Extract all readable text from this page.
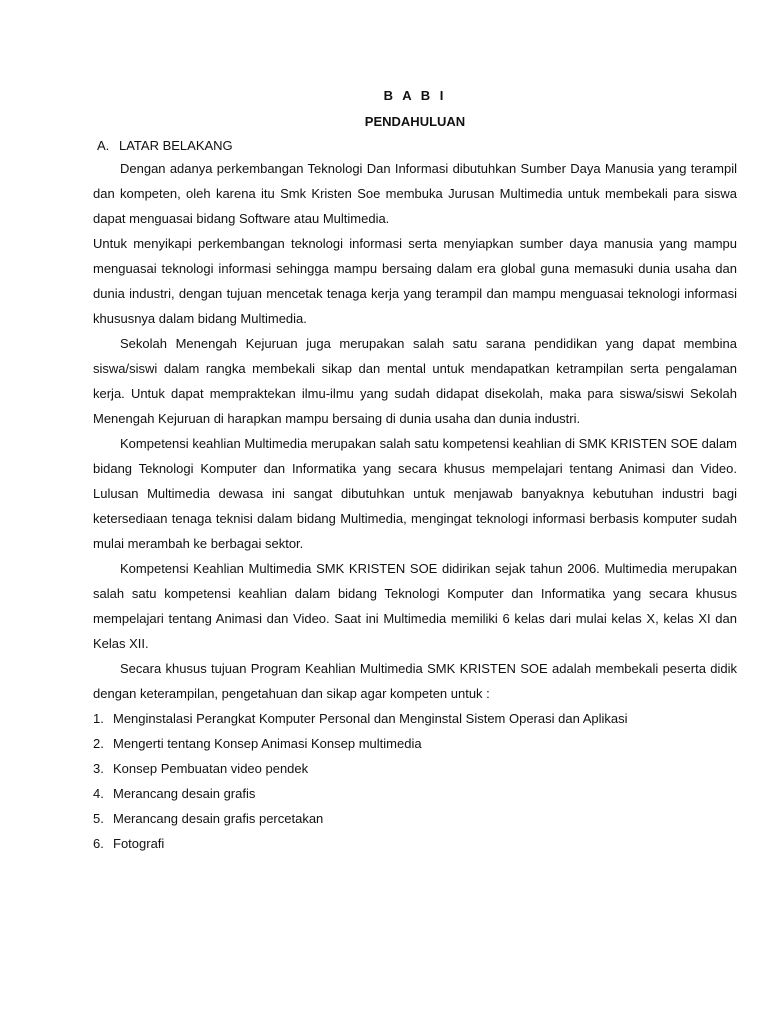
B A B I

PENDAHULUAN

A. LATAR BELAKANG

Dengan adanya perkembangan Teknologi Dan Informasi dibutuhkan Sumber Daya Manusia yang terampil dan kompeten, oleh karena itu Smk Kristen Soe membuka Jurusan Multimedia untuk membekali para siswa dapat menguasai bidang Software atau Multimedia.

Untuk menyikapi perkembangan teknologi informasi serta menyiapkan sumber daya manusia yang mampu menguasai teknologi informasi sehingga mampu bersaing dalam era global guna memasuki dunia usaha dan dunia industri, dengan tujuan mencetak tenaga kerja yang terampil dan mampu menguasai teknologi informasi khususnya dalam bidang Multimedia.

Sekolah Menengah Kejuruan juga merupakan salah satu sarana pendidikan yang dapat membina siswa/siswi dalam rangka membekali sikap dan mental untuk mendapatkan ketrampilan serta pengalaman kerja. Untuk dapat mempraktekan ilmu-ilmu yang sudah didapat disekolah, maka para siswa/siswi Sekolah Menengah Kejuruan di harapkan mampu bersaing di dunia usaha dan dunia industri.

Kompetensi keahlian Multimedia merupakan salah satu kompetensi keahlian di SMK KRISTEN SOE dalam bidang Teknologi Komputer dan Informatika yang secara khusus mempelajari tentang Animasi dan Video. Lulusan Multimedia dewasa ini sangat dibutuhkan untuk menjawab banyaknya kebutuhan industri bagi ketersediaan tenaga teknisi dalam bidang Multimedia, mengingat teknologi informasi berbasis komputer sudah mulai merambah ke berbagai sektor.

Kompetensi Keahlian Multimedia SMK KRISTEN SOE didirikan sejak tahun 2006. Multimedia merupakan salah satu kompetensi keahlian dalam bidang Teknologi Komputer dan Informatika yang secara khusus mempelajari tentang Animasi dan Video. Saat ini Multimedia memiliki 6 kelas dari mulai kelas X, kelas XI dan Kelas XII.

Secara khusus tujuan Program Keahlian Multimedia SMK KRISTEN SOE adalah membekali peserta didik dengan keterampilan, pengetahuan dan sikap agar kompeten untuk :

1. Menginstalasi Perangkat Komputer Personal dan Menginstal Sistem Operasi dan Aplikasi
2. Mengerti tentang Konsep Animasi Konsep multimedia
3. Konsep Pembuatan video pendek
4. Merancang desain grafis
5. Merancang desain grafis percetakan
6. Fotografi
